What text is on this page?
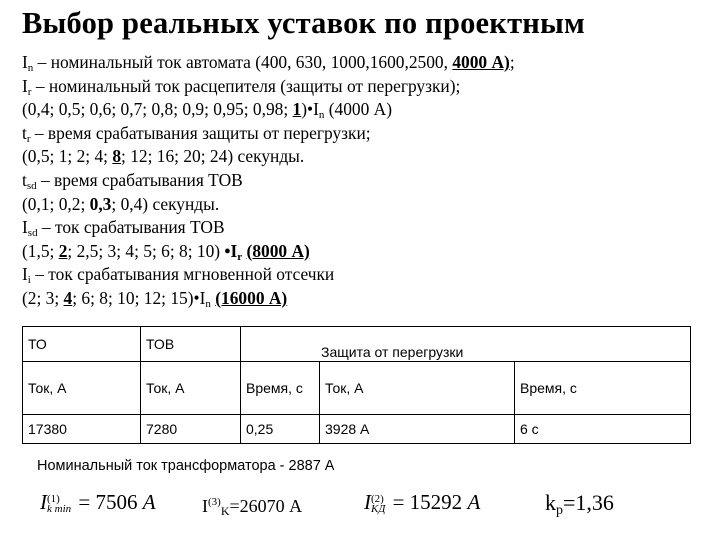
Выбор реальных уставок по проектным
$I_n$ – номинальный ток автомата (400, 630, 1000,1600,2500, 4000 А);
$I_r$ – номинальный ток расцепителя (защиты от перегрузки);
(0,4; 0,5; 0,6; 0,7; 0,8; 0,9; 0,95; 0,98; $1)•I_n$ (4000 А)
$t_r$ – время срабатывания защиты от перегрузки;
(0,5; 1; 2; 4; 8; 12; 16; 20; 24) секунды.
$t_{sd}$ – время срабатывания ТОВ
(0,1; 0,2; 0,3; 0,4) секунды.
$I_{sd}$ – ток срабатывания ТОВ
(1,5; 2; 2,5; 3; 4; 5; 6; 8; 10) $•I_r$ (8000 А)
$I_i$ – ток срабатывания мгновенной отсечки
(2; 3; 4; 6; 8; 10; 12; $15)•I_n$ (16000 А)
ТО	ТОВ	Защита от перегрузки		
Ток, А	Ток, А	Время, с	Ток, А	Время, с
17380	7280	0,25	3928 А	6 с
Номинальный ток трансформатора - 2887 А
I (1)
k min = 7506 A	$I^{(3)}_K=26070$ А	I (2)
KД = 15292 A	$k_p=1,36$
